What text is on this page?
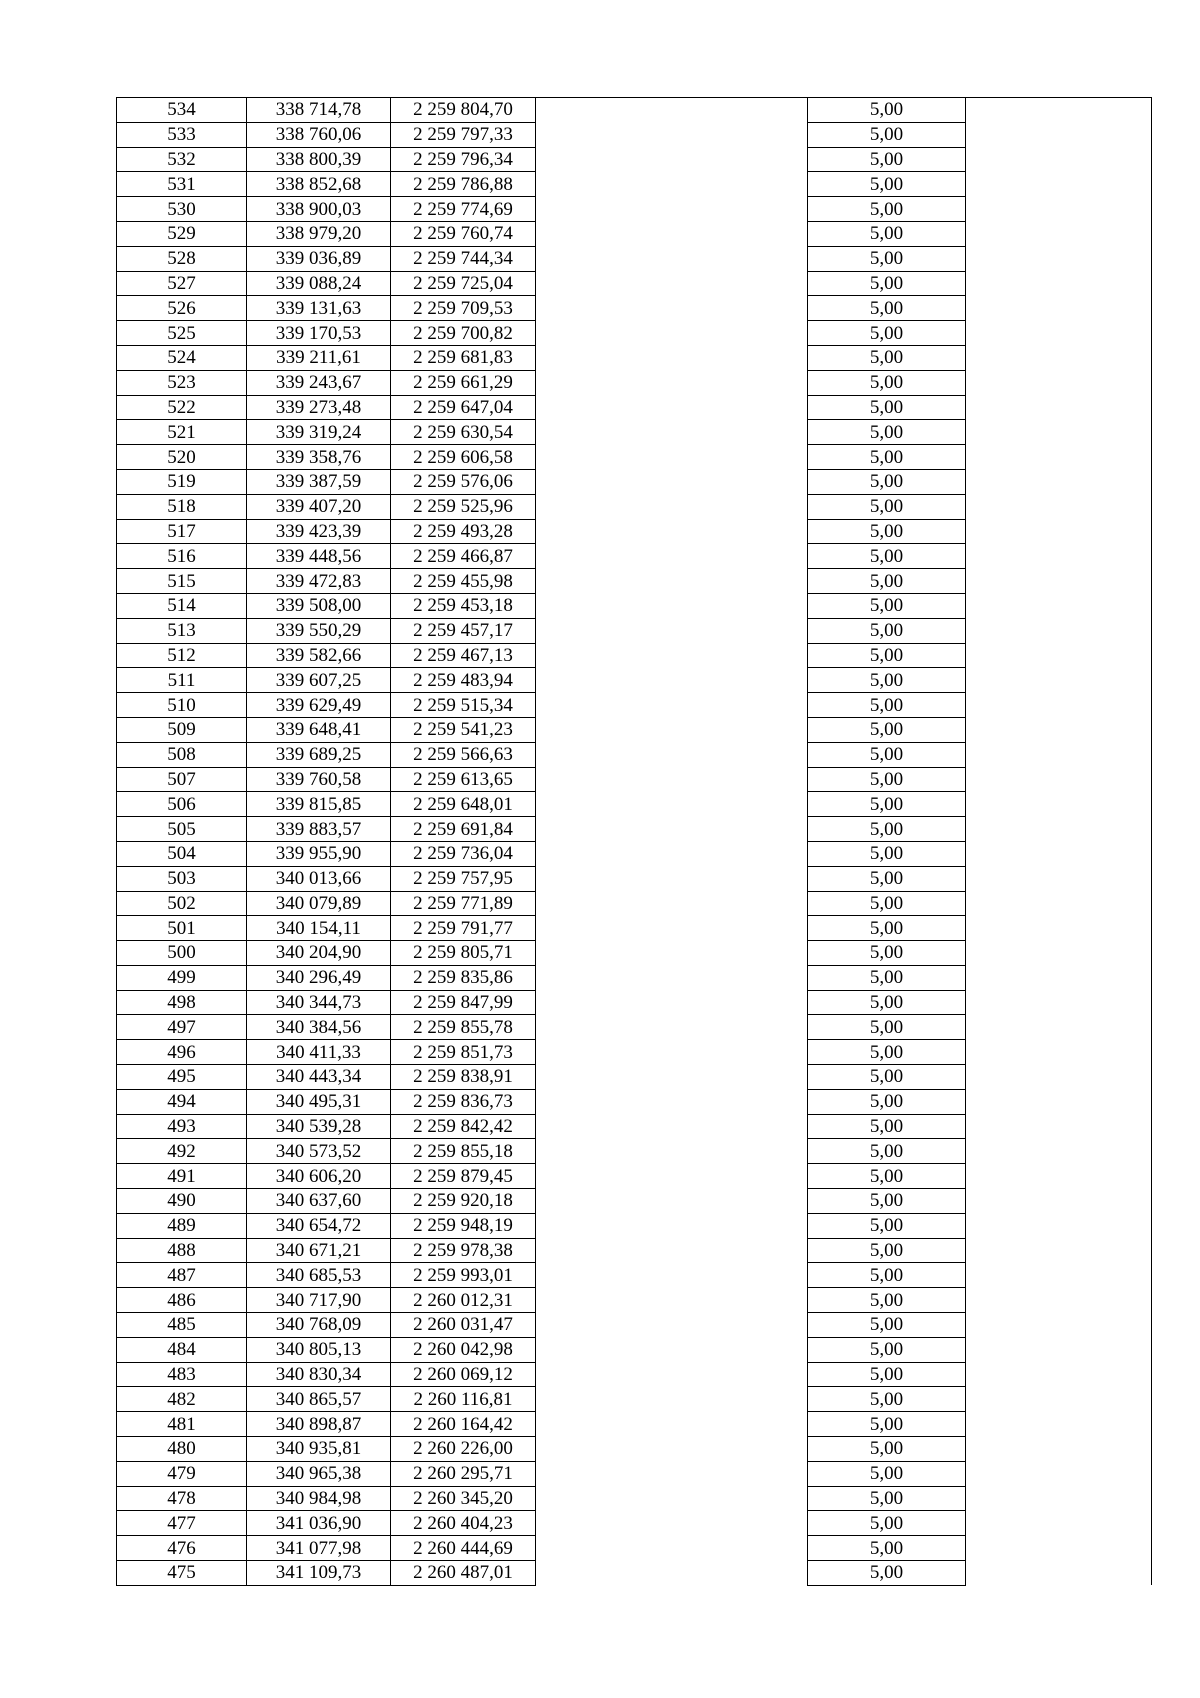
534	338 714,78	2 259 804,70		5,00	
533	338 760,06	2 259 797,33		5,00	
532	338 800,39	2 259 796,34		5,00	
531	338 852,68	2 259 786,88		5,00	
530	338 900,03	2 259 774,69		5,00	
529	338 979,20	2 259 760,74		5,00	
528	339 036,89	2 259 744,34		5,00	
527	339 088,24	2 259 725,04		5,00	
526	339 131,63	2 259 709,53		5,00	
525	339 170,53	2 259 700,82		5,00	
524	339 211,61	2 259 681,83		5,00	
523	339 243,67	2 259 661,29		5,00	
522	339 273,48	2 259 647,04		5,00	
521	339 319,24	2 259 630,54		5,00	
520	339 358,76	2 259 606,58		5,00	
519	339 387,59	2 259 576,06		5,00	
518	339 407,20	2 259 525,96		5,00	
517	339 423,39	2 259 493,28		5,00	
516	339 448,56	2 259 466,87		5,00	
515	339 472,83	2 259 455,98		5,00	
514	339 508,00	2 259 453,18		5,00	
513	339 550,29	2 259 457,17		5,00	
512	339 582,66	2 259 467,13		5,00	
511	339 607,25	2 259 483,94		5,00	
510	339 629,49	2 259 515,34		5,00	
509	339 648,41	2 259 541,23		5,00	
508	339 689,25	2 259 566,63		5,00	
507	339 760,58	2 259 613,65		5,00	
506	339 815,85	2 259 648,01		5,00	
505	339 883,57	2 259 691,84		5,00	
504	339 955,90	2 259 736,04		5,00	
503	340 013,66	2 259 757,95		5,00	
502	340 079,89	2 259 771,89		5,00	
501	340 154,11	2 259 791,77		5,00	
500	340 204,90	2 259 805,71		5,00	
499	340 296,49	2 259 835,86		5,00	
498	340 344,73	2 259 847,99		5,00	
497	340 384,56	2 259 855,78		5,00	
496	340 411,33	2 259 851,73		5,00	
495	340 443,34	2 259 838,91		5,00	
494	340 495,31	2 259 836,73		5,00	
493	340 539,28	2 259 842,42		5,00	
492	340 573,52	2 259 855,18		5,00	
491	340 606,20	2 259 879,45		5,00	
490	340 637,60	2 259 920,18		5,00	
489	340 654,72	2 259 948,19		5,00	
488	340 671,21	2 259 978,38		5,00	
487	340 685,53	2 259 993,01		5,00	
486	340 717,90	2 260 012,31		5,00	
485	340 768,09	2 260 031,47		5,00	
484	340 805,13	2 260 042,98		5,00	
483	340 830,34	2 260 069,12		5,00	
482	340 865,57	2 260 116,81		5,00	
481	340 898,87	2 260 164,42		5,00	
480	340 935,81	2 260 226,00		5,00	
479	340 965,38	2 260 295,71		5,00	
478	340 984,98	2 260 345,20		5,00	
477	341 036,90	2 260 404,23		5,00	
476	341 077,98	2 260 444,69		5,00	
475	341 109,73	2 260 487,01		5,00	
